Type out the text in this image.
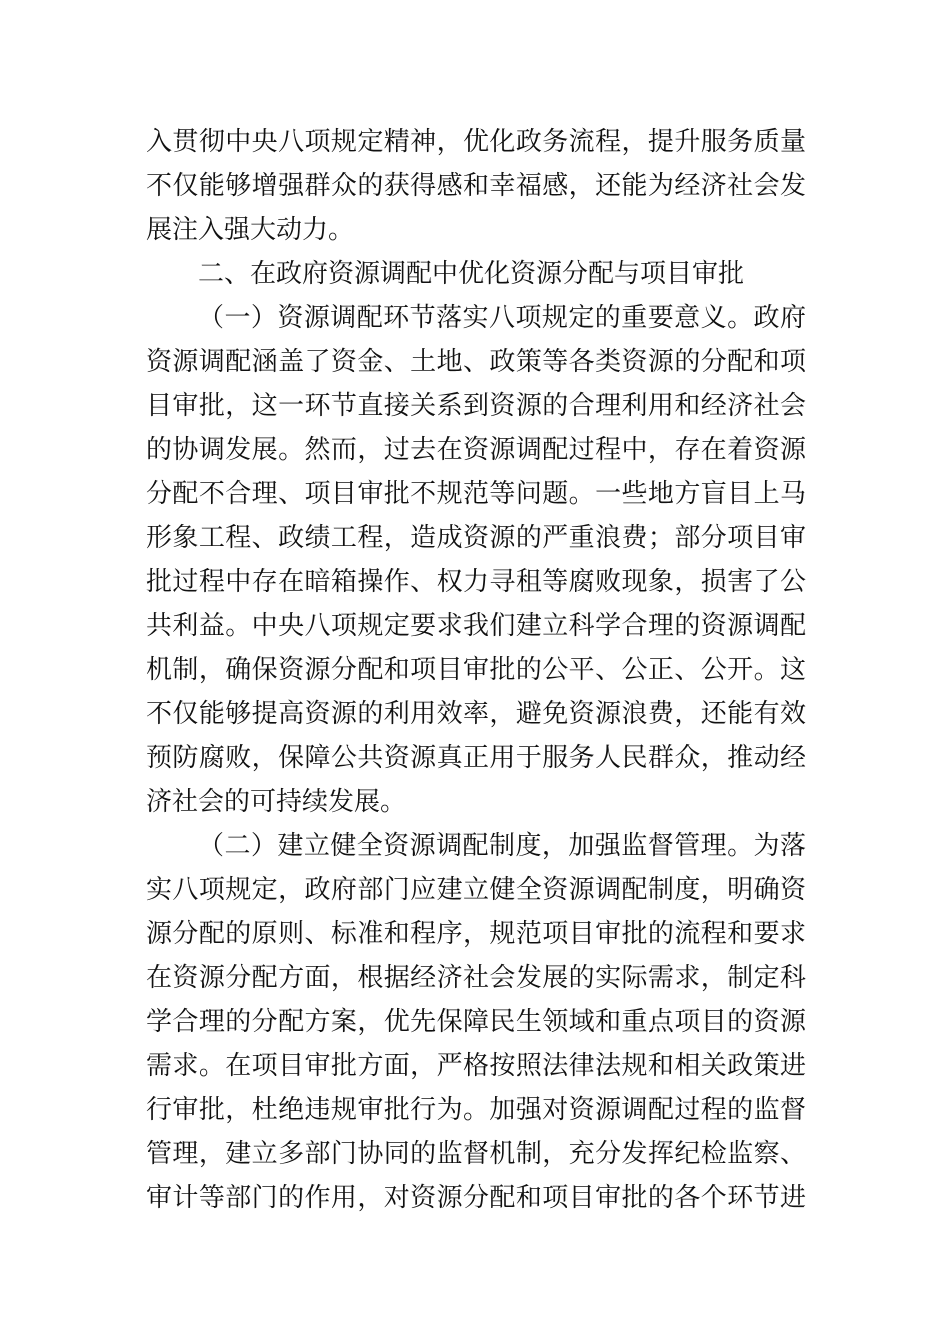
入贯彻中央八项规定精神，优化政务流程，提升服务质量
不仅能够增强群众的获得感和幸福感，还能为经济社会发
展注入强大动力。
二、在政府资源调配中优化资源分配与项目审批
（一）资源调配环节落实八项规定的重要意义。政府
资源调配涵盖了资金、土地、政策等各类资源的分配和项
目审批，这一环节直接关系到资源的合理利用和经济社会
的协调发展。然而，过去在资源调配过程中，存在着资源
分配不合理、项目审批不规范等问题。一些地方盲目上马
形象工程、政绩工程，造成资源的严重浪费；部分项目审
批过程中存在暗箱操作、权力寻租等腐败现象，损害了公
共利益。中央八项规定要求我们建立科学合理的资源调配
机制，确保资源分配和项目审批的公平、公正、公开。这
不仅能够提高资源的利用效率，避免资源浪费，还能有效
预防腐败，保障公共资源真正用于服务人民群众，推动经
济社会的可持续发展。
（二）建立健全资源调配制度，加强监督管理。为落
实八项规定，政府部门应建立健全资源调配制度，明确资
源分配的原则、标准和程序，规范项目审批的流程和要求
在资源分配方面，根据经济社会发展的实际需求，制定科
学合理的分配方案，优先保障民生领域和重点项目的资源
需求。在项目审批方面，严格按照法律法规和相关政策进
行审批，杜绝违规审批行为。加强对资源调配过程的监督
管理，建立多部门协同的监督机制，充分发挥纪检监察、
审计等部门的作用，对资源分配和项目审批的各个环节进
